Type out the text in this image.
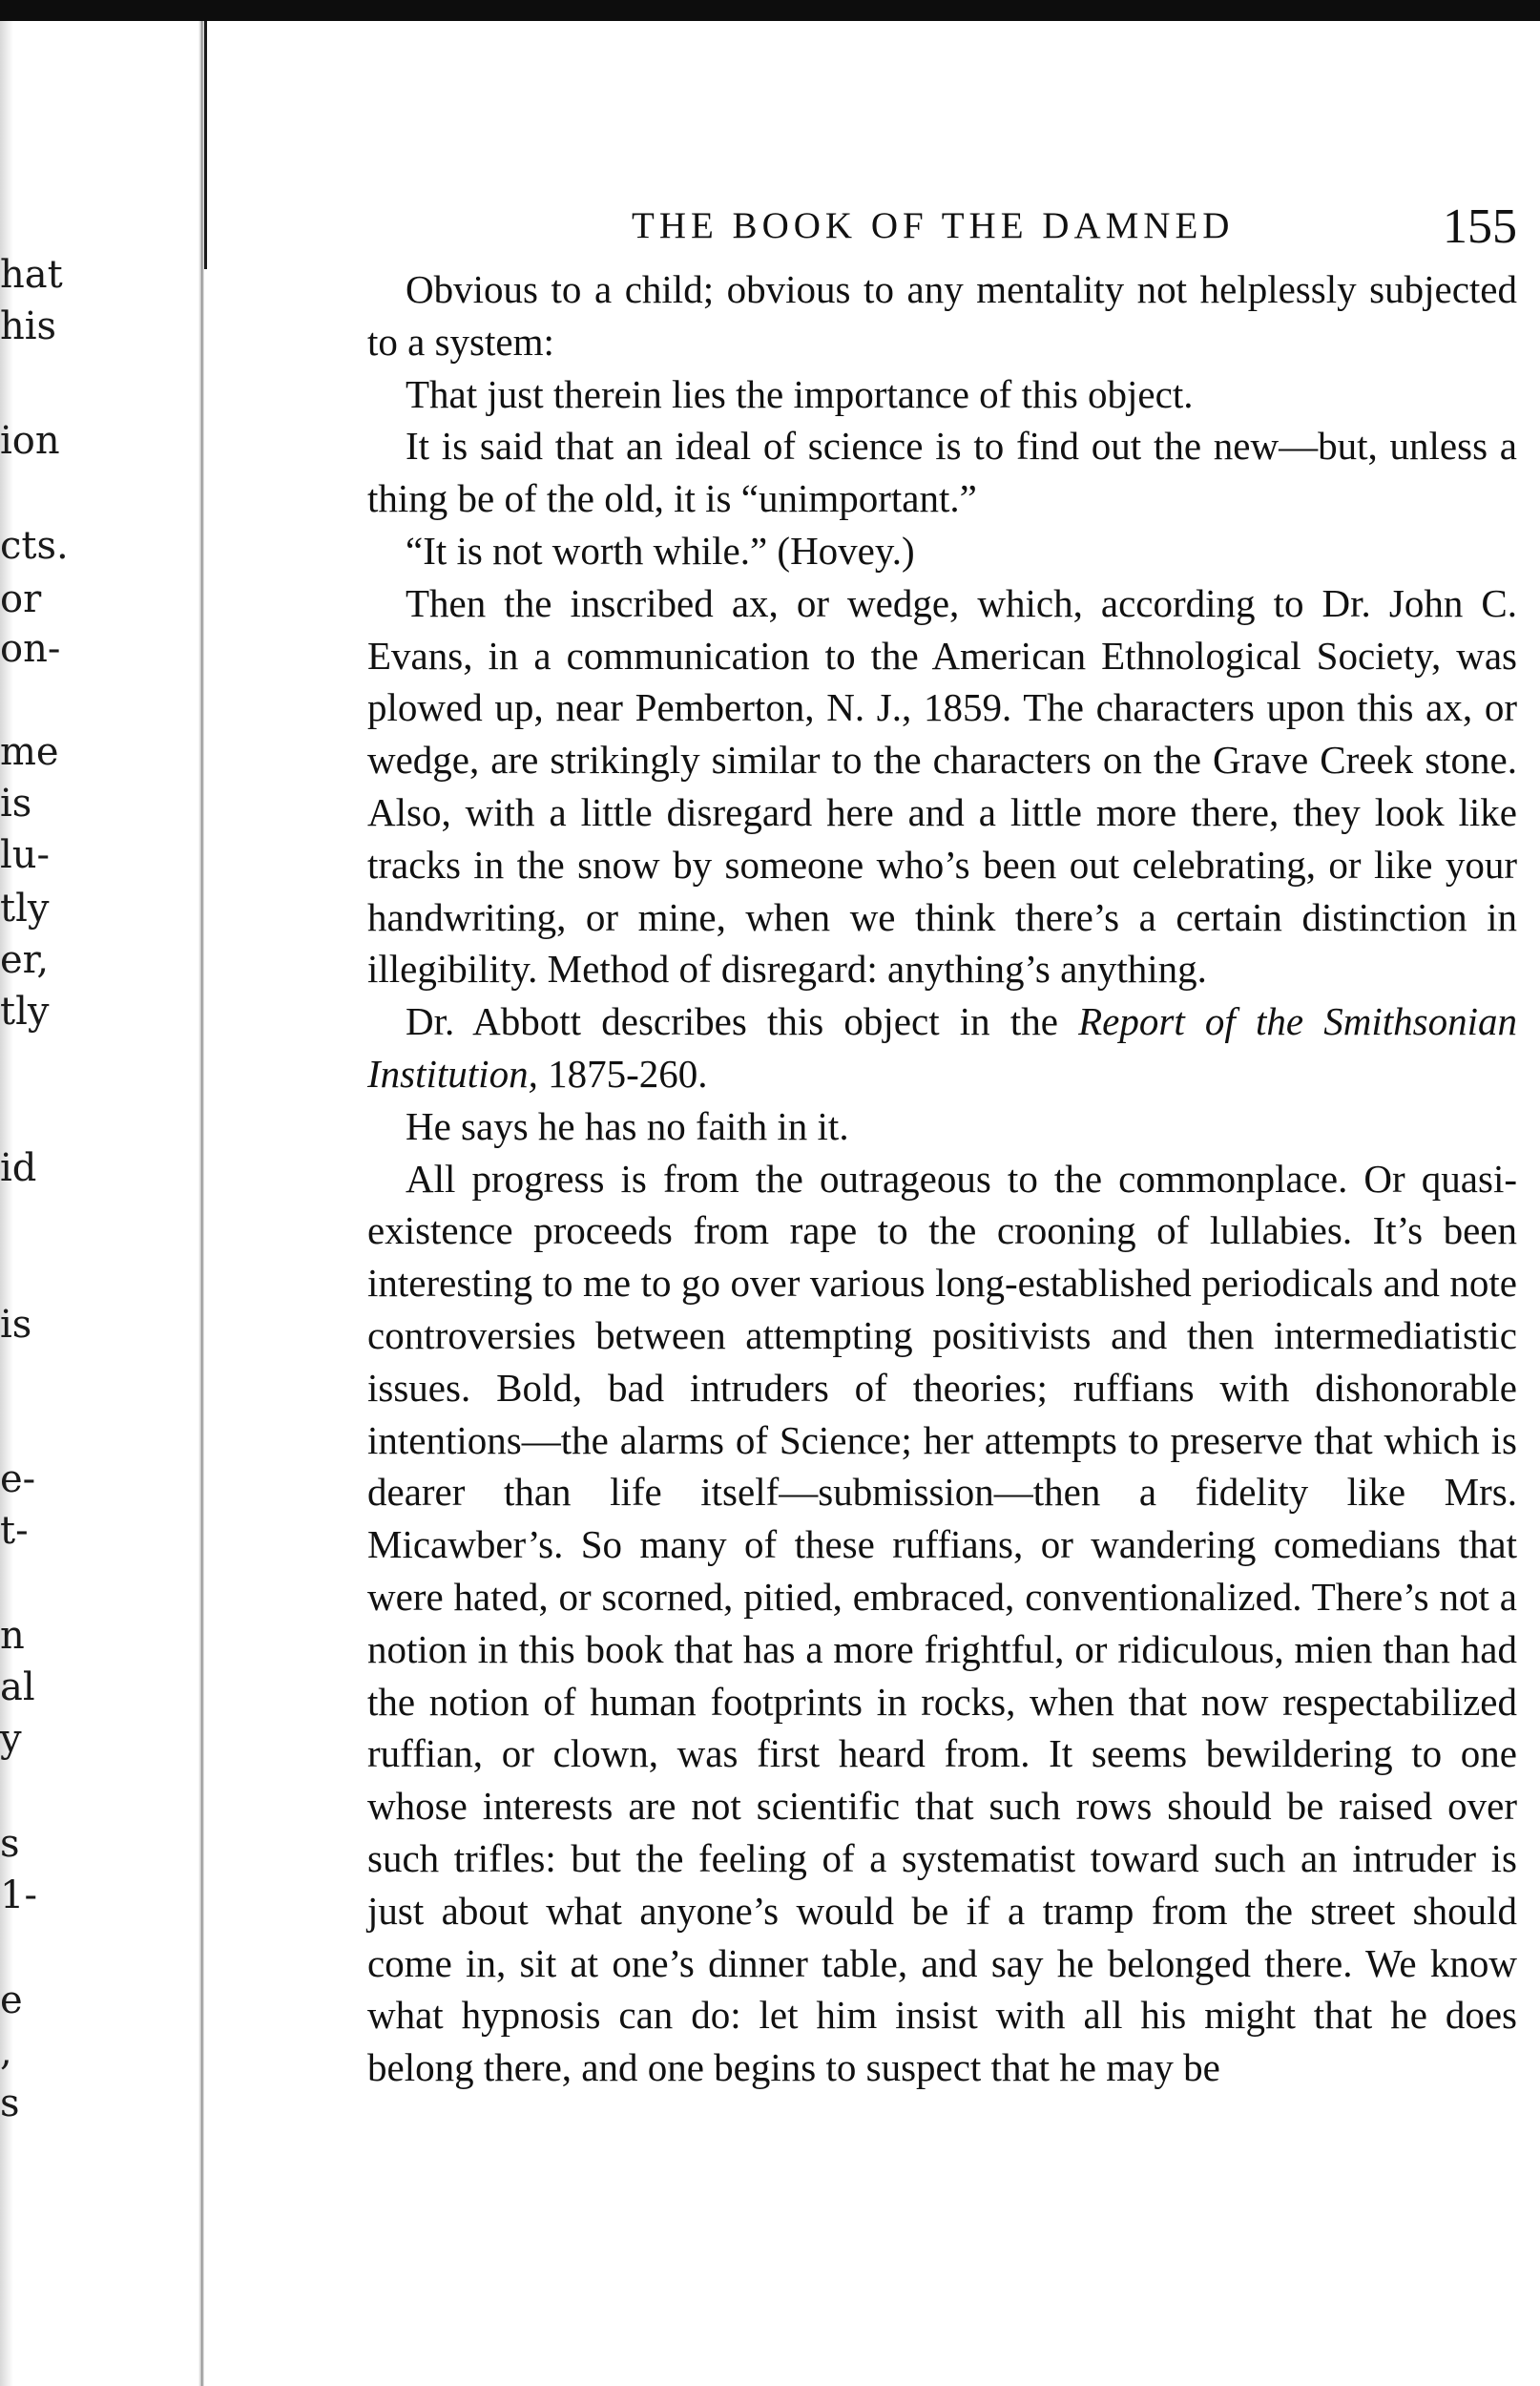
hat
his
ion
cts.
or
on-
me
is
lu-
tly
er,
tly
id
is
e-
t-
n
al
y
s
1-
e
,
s
THE BOOK OF THE DAMNED	155

Obvious to a child; obvious to any mentality not helplessly subjected to a system:

That just therein lies the importance of this object.

It is said that an ideal of science is to find out the new—but, unless a thing be of the old, it is “unimportant.”

“It is not worth while.” (Hovey.)

Then the inscribed ax, or wedge, which, according to Dr. John C. Evans, in a communication to the American Ethnological Society, was plowed up, near Pemberton, N. J., 1859. The characters upon this ax, or wedge, are strikingly similar to the characters on the Grave Creek stone. Also, with a little disregard here and a little more there, they look like tracks in the snow by someone who’s been out celebrating, or like your handwriting, or mine, when we think there’s a certain distinction in illegibility. Method of disregard: anything’s anything.

Dr. Abbott describes this object in the Report of the Smithsonian Institution, 1875-260.

He says he has no faith in it.

All progress is from the outrageous to the commonplace. Or quasi-existence proceeds from rape to the crooning of lullabies. It’s been interesting to me to go over various long-established periodicals and note controversies between attempting positivists and then intermediatistic issues. Bold, bad intruders of theories; ruffians with dishonorable intentions—the alarms of Science; her attempts to preserve that which is dearer than life itself—submission—then a fidelity like Mrs. Micawber’s. So many of these ruffians, or wandering comedians that were hated, or scorned, pitied, embraced, conventionalized. There’s not a notion in this book that has a more frightful, or ridiculous, mien than had the notion of human footprints in rocks, when that now respectabilized ruffian, or clown, was first heard from. It seems bewildering to one whose interests are not scientific that such rows should be raised over such trifles: but the feeling of a systematist toward such an intruder is just about what anyone’s would be if a tramp from the street should come in, sit at one’s dinner table, and say he belonged there. We know what hypnosis can do: let him insist with all his might that he does belong there, and one begins to suspect that he may be
